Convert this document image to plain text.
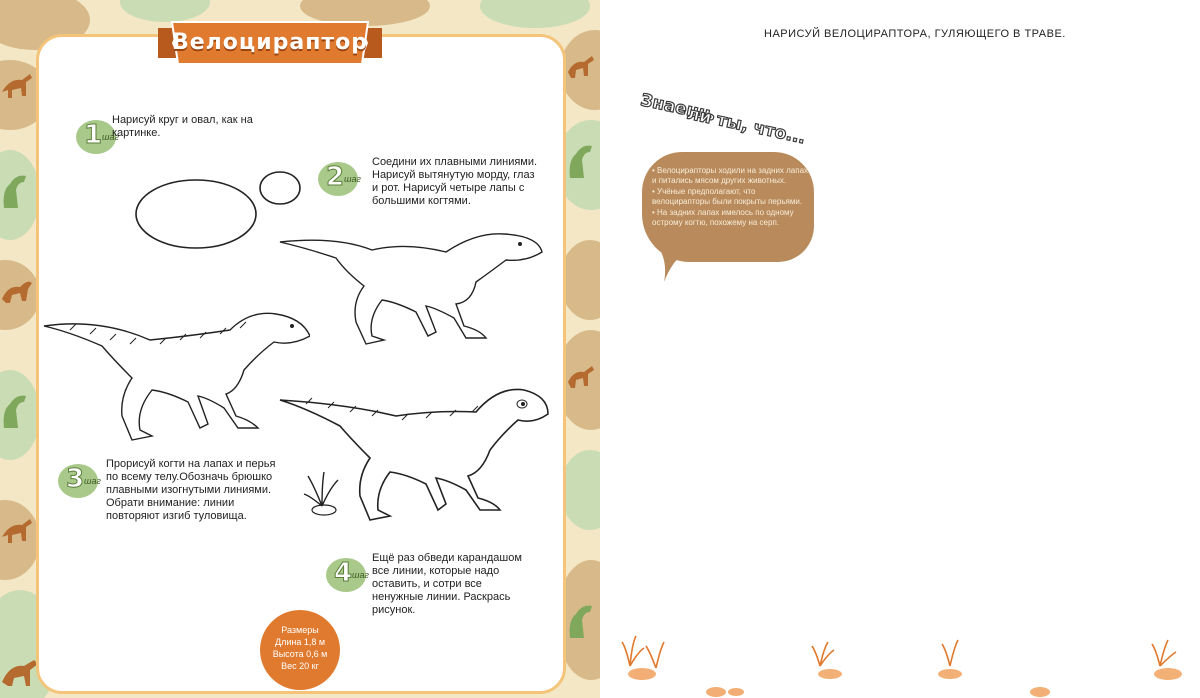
Велоцираптор
1 шаг
Нарисуй круг и овал, как на картинке.
2 шаг
Соедини их плавными линиями. Нарисуй вытянутую морду, глаз и рот. Нарисуй четыре лапы с большими когтями.
3 шаг
Прорисуй когти на лапах и перья по всему телу.Обозначь брюшко плавными изогнутыми линиями. Обрати внимание: линии повторяют изгиб туловища.
4 шаг
Ещё раз обведи карандашом все линии, которые надо оставить, и сотри все ненужные линии. Раскрась рисунок.
Размеры
Длина 1,8 м
Высота 0,6 м
Вес 20 кг
НАРИСУЙ ВЕЛОЦИРАПТОРА, ГУЛЯЮЩЕГО В ТРАВЕ.
Знаешь
ли ты, что...
• Велоцирапторы ходили на задних лапах и питались мясом других животных.
• Учёные предполагают, что велоцирапторы были покрыты перьями.
• На задних лапах имелось по одному острому когтю, похожему на серп.
